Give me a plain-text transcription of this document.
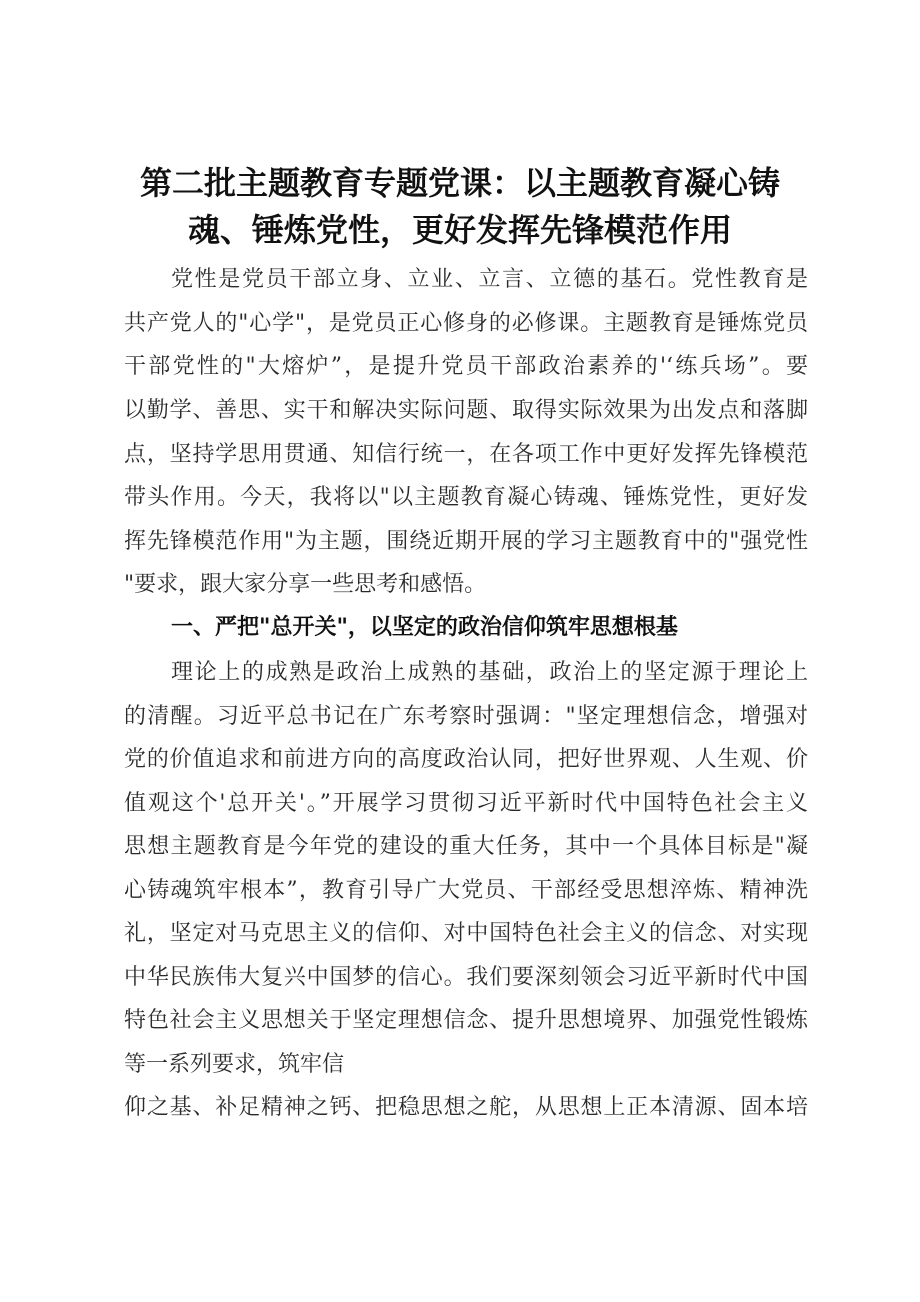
第二批主题教育专题党课：以主题教育凝心铸
魂、锤炼党性，更好发挥先锋模范作用

党性是党员干部立身、立业、立言、立德的基石。党性教育是

共产党人的"心学"，是党员正心修身的必修课。主题教育是锤炼党员

干部党性的"大熔炉”，是提升党员干部政治素养的'‘练兵场”。要

以勤学、善思、实干和解决实际问题、取得实际效果为出发点和落脚

点，坚持学思用贯通、知信行统一，在各项工作中更好发挥先锋模范

带头作用。今天，我将以"以主题教育凝心铸魂、锤炼党性，更好发

挥先锋模范作用"为主题，围绕近期开展的学习主题教育中的"强党性

"要求，跟大家分享一些思考和感悟。

一、严把"总开关"，以坚定的政治信仰筑牢思想根基

理论上的成熟是政治上成熟的基础，政治上的坚定源于理论上

的清醒。习近平总书记在广东考察时强调："坚定理想信念，增强对

党的价值追求和前进方向的高度政治认同，把好世界观、人生观、价

值观这个'总开关'。”开展学习贯彻习近平新时代中国特色社会主义

思想主题教育是今年党的建设的重大任务，其中一个具体目标是"凝

心铸魂筑牢根本”，教育引导广大党员、干部经受思想淬炼、精神洗

礼，坚定对马克思主义的信仰、对中国特色社会主义的信念、对实现

中华民族伟大复兴中国梦的信心。我们要深刻领会习近平新时代中国

特色社会主义思想关于坚定理想信念、提升思想境界、加强党性锻炼

等一系列要求，筑牢信

仰之基、补足精神之钙、把稳思想之舵，从思想上正本清源、固本培
